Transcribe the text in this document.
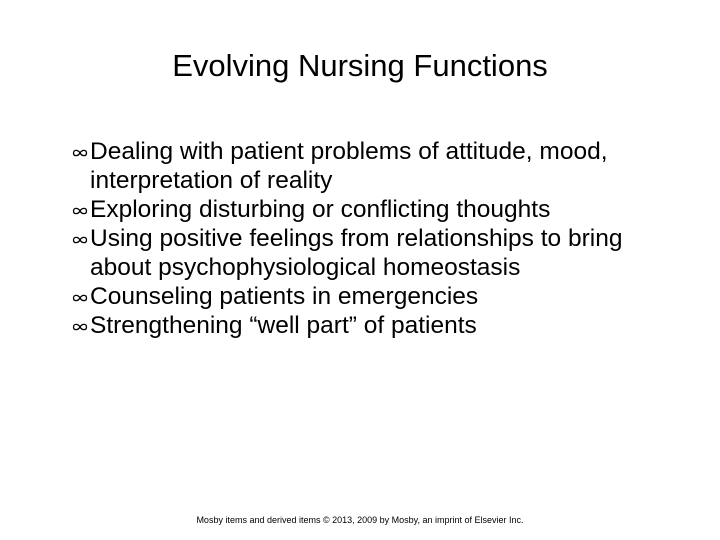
Evolving Nursing Functions
Dealing with patient problems of attitude, mood, interpretation of reality
Exploring disturbing or conflicting thoughts
Using positive feelings from relationships to bring about psychophysiological homeostasis
Counseling patients in emergencies
Strengthening “well part” of patients

Mosby items and derived items © 2013, 2009 by Mosby, an imprint of Elsevier Inc.
